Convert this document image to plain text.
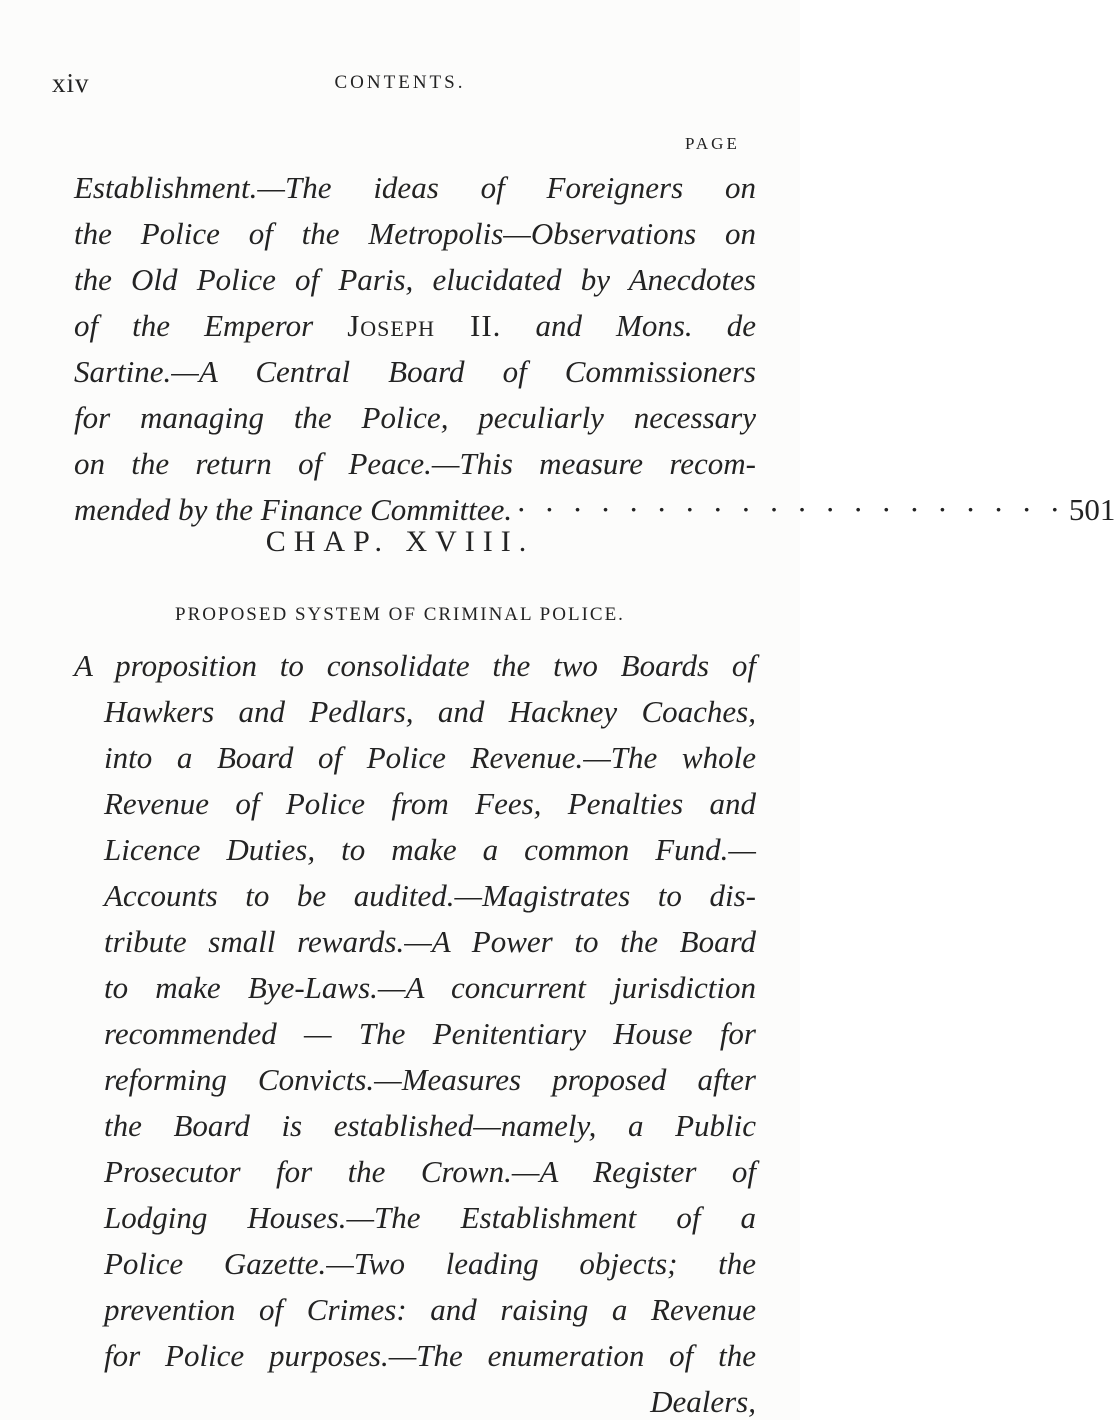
xiv	CONTENTS.
PAGE

Establishment.—The ideas of Foreigners on
the Police of the Metropolis—Observations on
the Old Police of Paris, elucidated by Anecdotes
of the Emperor Joseph II. and Mons. de
Sartine.—A Central Board of Commissioners
for managing the Police, peculiarly necessary
on the return of Peace.—This measure recom-
mended by the Finance Committee. · · · · · · · · · · · · · · · · · · · · 501

CHAP. XVIII.
PROPOSED SYSTEM OF CRIMINAL POLICE.

A proposition to consolidate the two Boards of
Hawkers and Pedlars, and Hackney Coaches,
into a Board of Police Revenue.—The whole
Revenue of Police from Fees, Penalties and
Licence Duties, to make a common Fund.—
Accounts to be audited.—Magistrates to dis-
tribute small rewards.—A Power to the Board
to make Bye-Laws.—A concurrent jurisdiction
recommended — The Penitentiary House for
reforming Convicts.—Measures proposed after
the Board is established—namely, a Public
Prosecutor for the Crown.—A Register of
Lodging Houses.—The Establishment of a
Police Gazette.—Two leading objects; the
prevention of Crimes: and raising a Revenue
for Police purposes.—The enumeration of the
Dealers,
